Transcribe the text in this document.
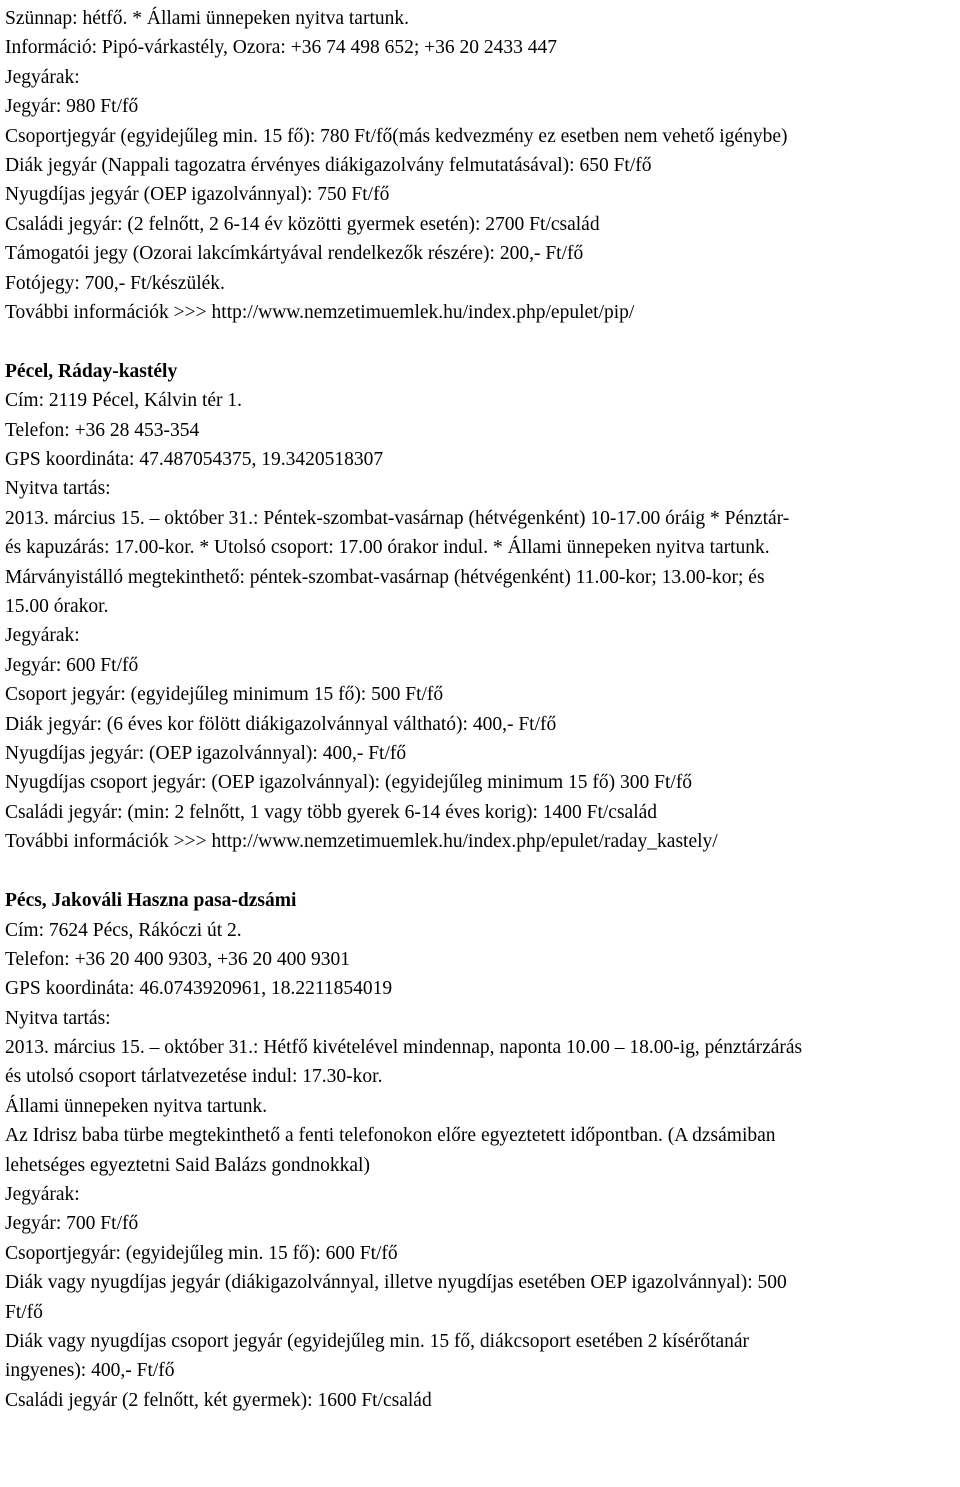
Szünnap: hétfő. * Állami ünnepeken nyitva tartunk.
Információ: Pipó-várkastély, Ozora: +36 74 498 652; +36 20 2433 447
Jegyárak:
Jegyár: 980 Ft/fő
Csoportjegyár (egyidejűleg min. 15 fő): 780 Ft/fő(más kedvezmény ez esetben nem vehető igénybe)
Diák jegyár (Nappali tagozatra érvényes diákigazolvány felmutatásával): 650 Ft/fő
Nyugdíjas jegyár (OEP igazolvánnyal): 750 Ft/fő
Családi jegyár: (2 felnőtt, 2 6-14 év közötti gyermek esetén): 2700 Ft/család
Támogatói jegy (Ozorai lakcímkártyával rendelkezők részére): 200,- Ft/fő
Fotójegy: 700,- Ft/készülék.
További információk >>> http://www.nemzetimuemlek.hu/index.php/epulet/pip/
Pécel, Ráday-kastély
Cím: 2119 Pécel, Kálvin tér 1.
Telefon: +36 28 453-354
GPS koordináta: 47.487054375, 19.3420518307
Nyitva tartás:
2013. március 15. – október 31.: Péntek-szombat-vasárnap (hétvégenként) 10-17.00 óráig * Pénztár-
és kapuzárás: 17.00-kor. * Utolsó csoport: 17.00 órakor indul. * Állami ünnepeken nyitva tartunk.
Márványistálló megtekinthető: péntek-szombat-vasárnap (hétvégenként) 11.00-kor; 13.00-kor; és
15.00 órakor.
Jegyárak:
Jegyár: 600 Ft/fő
Csoport jegyár: (egyidejűleg minimum 15 fő): 500 Ft/fő
Diák jegyár: (6 éves kor fölött diákigazolvánnyal váltható): 400,- Ft/fő
Nyugdíjas jegyár: (OEP igazolvánnyal): 400,- Ft/fő
Nyugdíjas csoport jegyár: (OEP igazolvánnyal): (egyidejűleg minimum 15 fő) 300 Ft/fő
Családi jegyár: (min: 2 felnőtt, 1 vagy több gyerek 6-14 éves korig): 1400 Ft/család
További információk >>> http://www.nemzetimuemlek.hu/index.php/epulet/raday_kastely/
Pécs, Jakováli Haszna pasa-dzsámi
Cím: 7624 Pécs, Rákóczi út 2.
Telefon: +36 20 400 9303, +36 20 400 9301
GPS koordináta: 46.0743920961, 18.2211854019
Nyitva tartás:
2013. március 15. – október 31.: Hétfő kivételével mindennap, naponta 10.00 – 18.00-ig, pénztárzárás
és utolsó csoport tárlatvezetése indul: 17.30-kor.
Állami ünnepeken nyitva tartunk.
Az Idrisz baba türbe megtekinthető a fenti telefonokon előre egyeztetett időpontban. (A dzsámiban
lehetséges egyeztetni Said Balázs gondnokkal)
Jegyárak:
Jegyár: 700 Ft/fő
Csoportjegyár: (egyidejűleg min. 15 fő): 600 Ft/fő
Diák vagy nyugdíjas jegyár (diákigazolvánnyal, illetve nyugdíjas esetében OEP igazolvánnyal): 500
Ft/fő
Diák vagy nyugdíjas csoport jegyár (egyidejűleg min. 15 fő, diákcsoport esetében 2 kísérőtanár
ingyenes): 400,- Ft/fő
Családi jegyár (2 felnőtt, két gyermek): 1600 Ft/család
